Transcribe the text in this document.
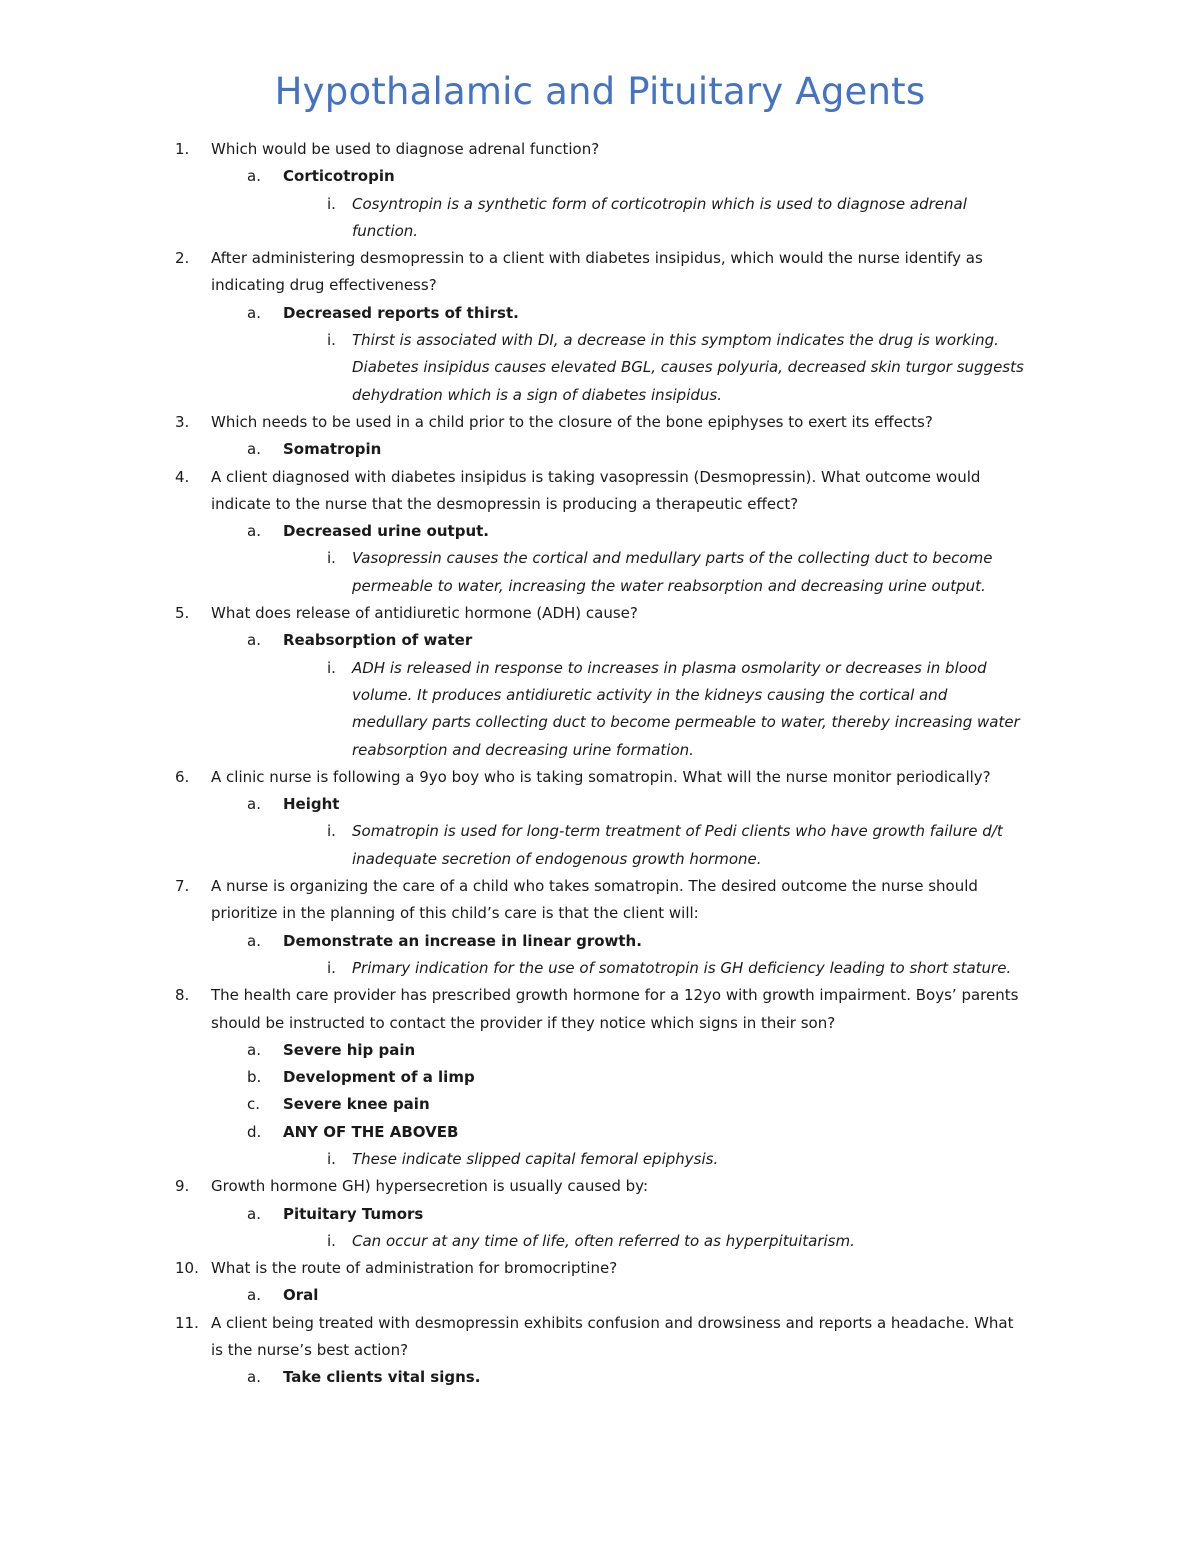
Hypothalamic and Pituitary Agents
1. Which would be used to diagnose adrenal function?
a. Corticotropin
i. Cosyntropin is a synthetic form of corticotropin which is used to diagnose adrenal
function.
2. After administering desmopressin to a client with diabetes insipidus, which would the nurse identify as
indicating drug effectiveness?
a. Decreased reports of thirst.
i. Thirst is associated with DI, a decrease in this symptom indicates the drug is working.
Diabetes insipidus causes elevated BGL, causes polyuria, decreased skin turgor suggests
dehydration which is a sign of diabetes insipidus.
3. Which needs to be used in a child prior to the closure of the bone epiphyses to exert its effects?
a. Somatropin
4. A client diagnosed with diabetes insipidus is taking vasopressin (Desmopressin). What outcome would
indicate to the nurse that the desmopressin is producing a therapeutic effect?
a. Decreased urine output.
i. Vasopressin causes the cortical and medullary parts of the collecting duct to become
permeable to water, increasing the water reabsorption and decreasing urine output.
5. What does release of antidiuretic hormone (ADH) cause?
a. Reabsorption of water
i. ADH is released in response to increases in plasma osmolarity or decreases in blood
volume. It produces antidiuretic activity in the kidneys causing the cortical and
medullary parts collecting duct to become permeable to water, thereby increasing water
reabsorption and decreasing urine formation.
6. A clinic nurse is following a 9yo boy who is taking somatropin. What will the nurse monitor periodically?
a. Height
i. Somatropin is used for long-term treatment of Pedi clients who have growth failure d/t
inadequate secretion of endogenous growth hormone.
7. A nurse is organizing the care of a child who takes somatropin. The desired outcome the nurse should
prioritize in the planning of this child’s care is that the client will:
a. Demonstrate an increase in linear growth.
i. Primary indication for the use of somatotropin is GH deficiency leading to short stature.
8. The health care provider has prescribed growth hormone for a 12yo with growth impairment. Boys’ parents
should be instructed to contact the provider if they notice which signs in their son?
a. Severe hip pain
b. Development of a limp
c. Severe knee pain
d. ANY OF THE ABOVEB
i. These indicate slipped capital femoral epiphysis.
9. Growth hormone GH) hypersecretion is usually caused by:
a. Pituitary Tumors
i. Can occur at any time of life, often referred to as hyperpituitarism.
10. What is the route of administration for bromocriptine?
a. Oral
11. A client being treated with desmopressin exhibits confusion and drowsiness and reports a headache. What
is the nurse’s best action?
a. Take clients vital signs.
